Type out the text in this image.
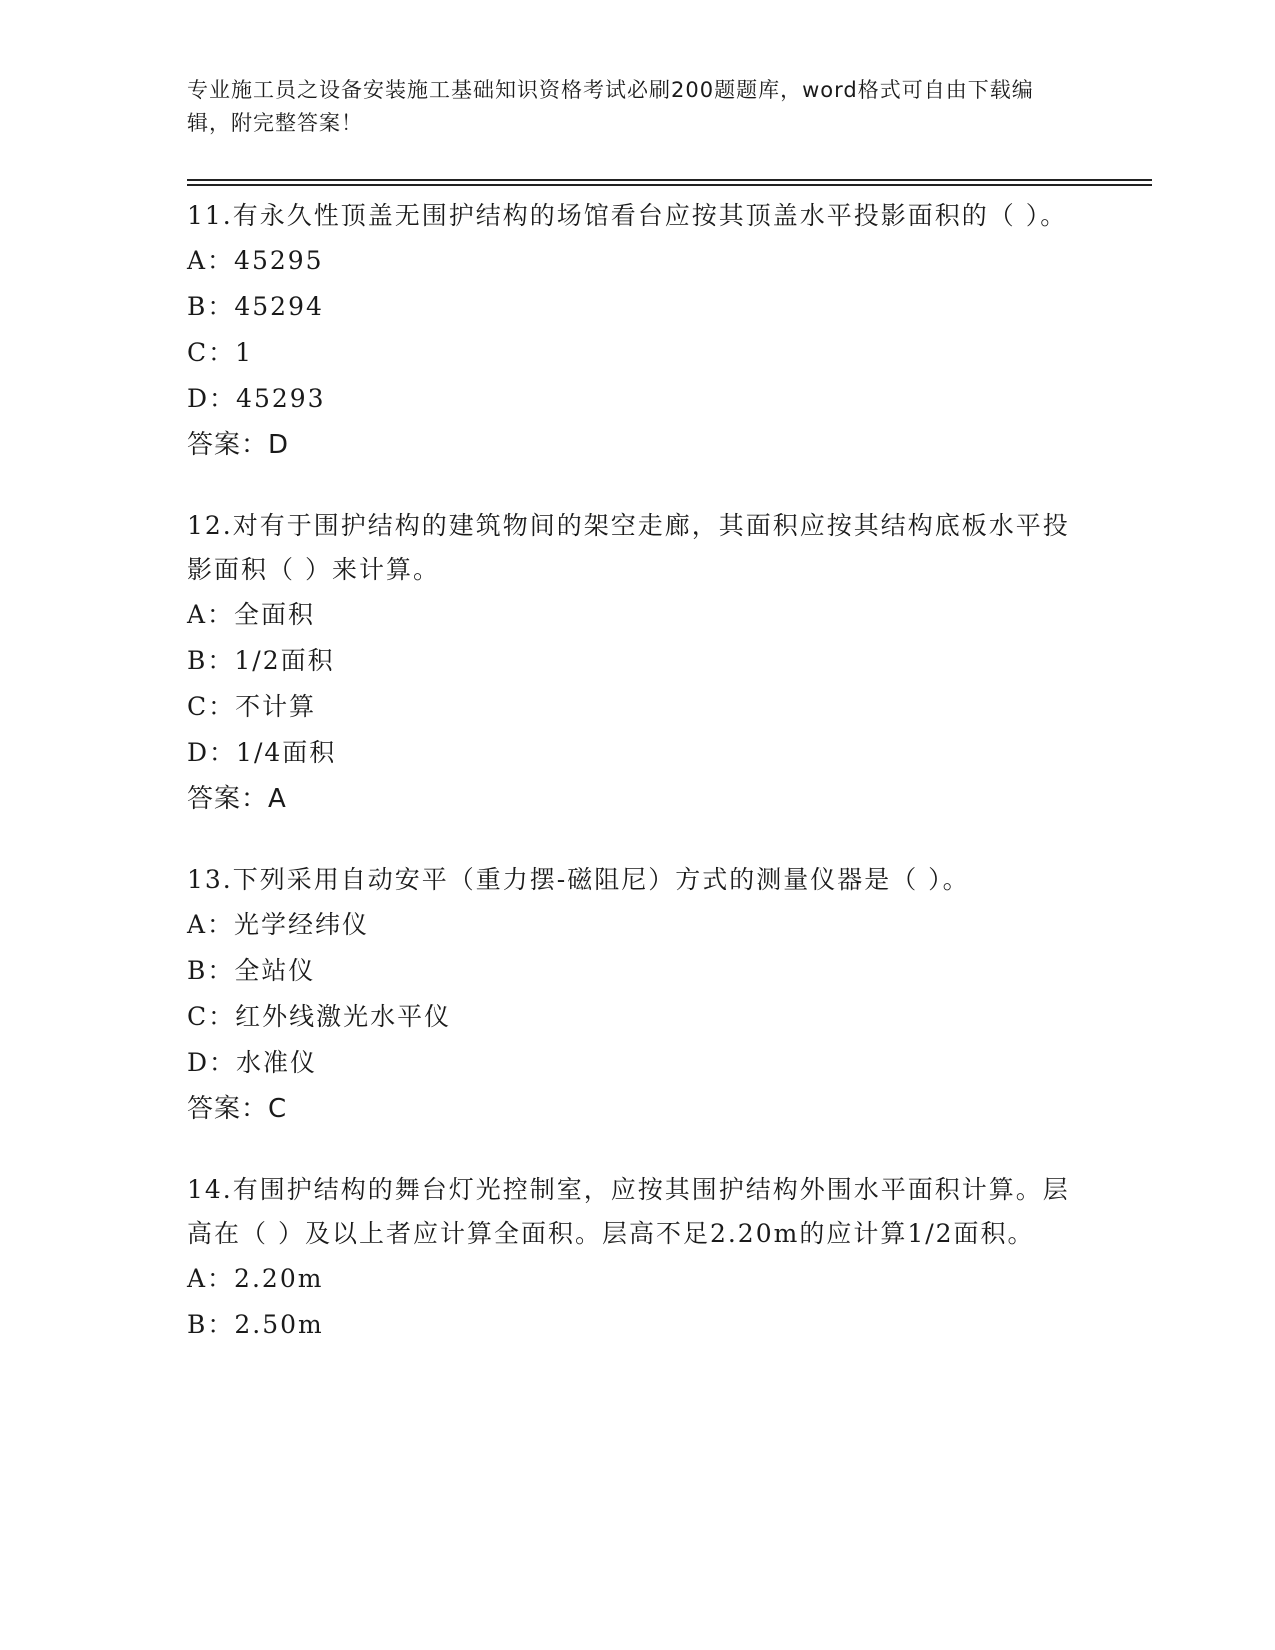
专业施工员之设备安装施工基础知识资格考试必刷200题题库，word格式可自由下载编辑，附完整答案！

11.有永久性顶盖无围护结构的场馆看台应按其顶盖水平投影面积的（ ）。

A：45295

B：45294

C：1

D：45293

答案：D

12.对有于围护结构的建筑物间的架空走廊，其面积应按其结构底板水平投影面积（ ）来计算。

A：全面积

B：1/2面积

C：不计算

D：1/4面积

答案：A

13.下列采用自动安平（重力摆-磁阻尼）方式的测量仪器是（ ）。

A：光学经纬仪

B：全站仪

C：红外线激光水平仪

D：水准仪

答案：C

14.有围护结构的舞台灯光控制室，应按其围护结构外围水平面积计算。层高在（ ）及以上者应计算全面积。层高不足2.20m的应计算1/2面积。

A：2.20m

B：2.50m
